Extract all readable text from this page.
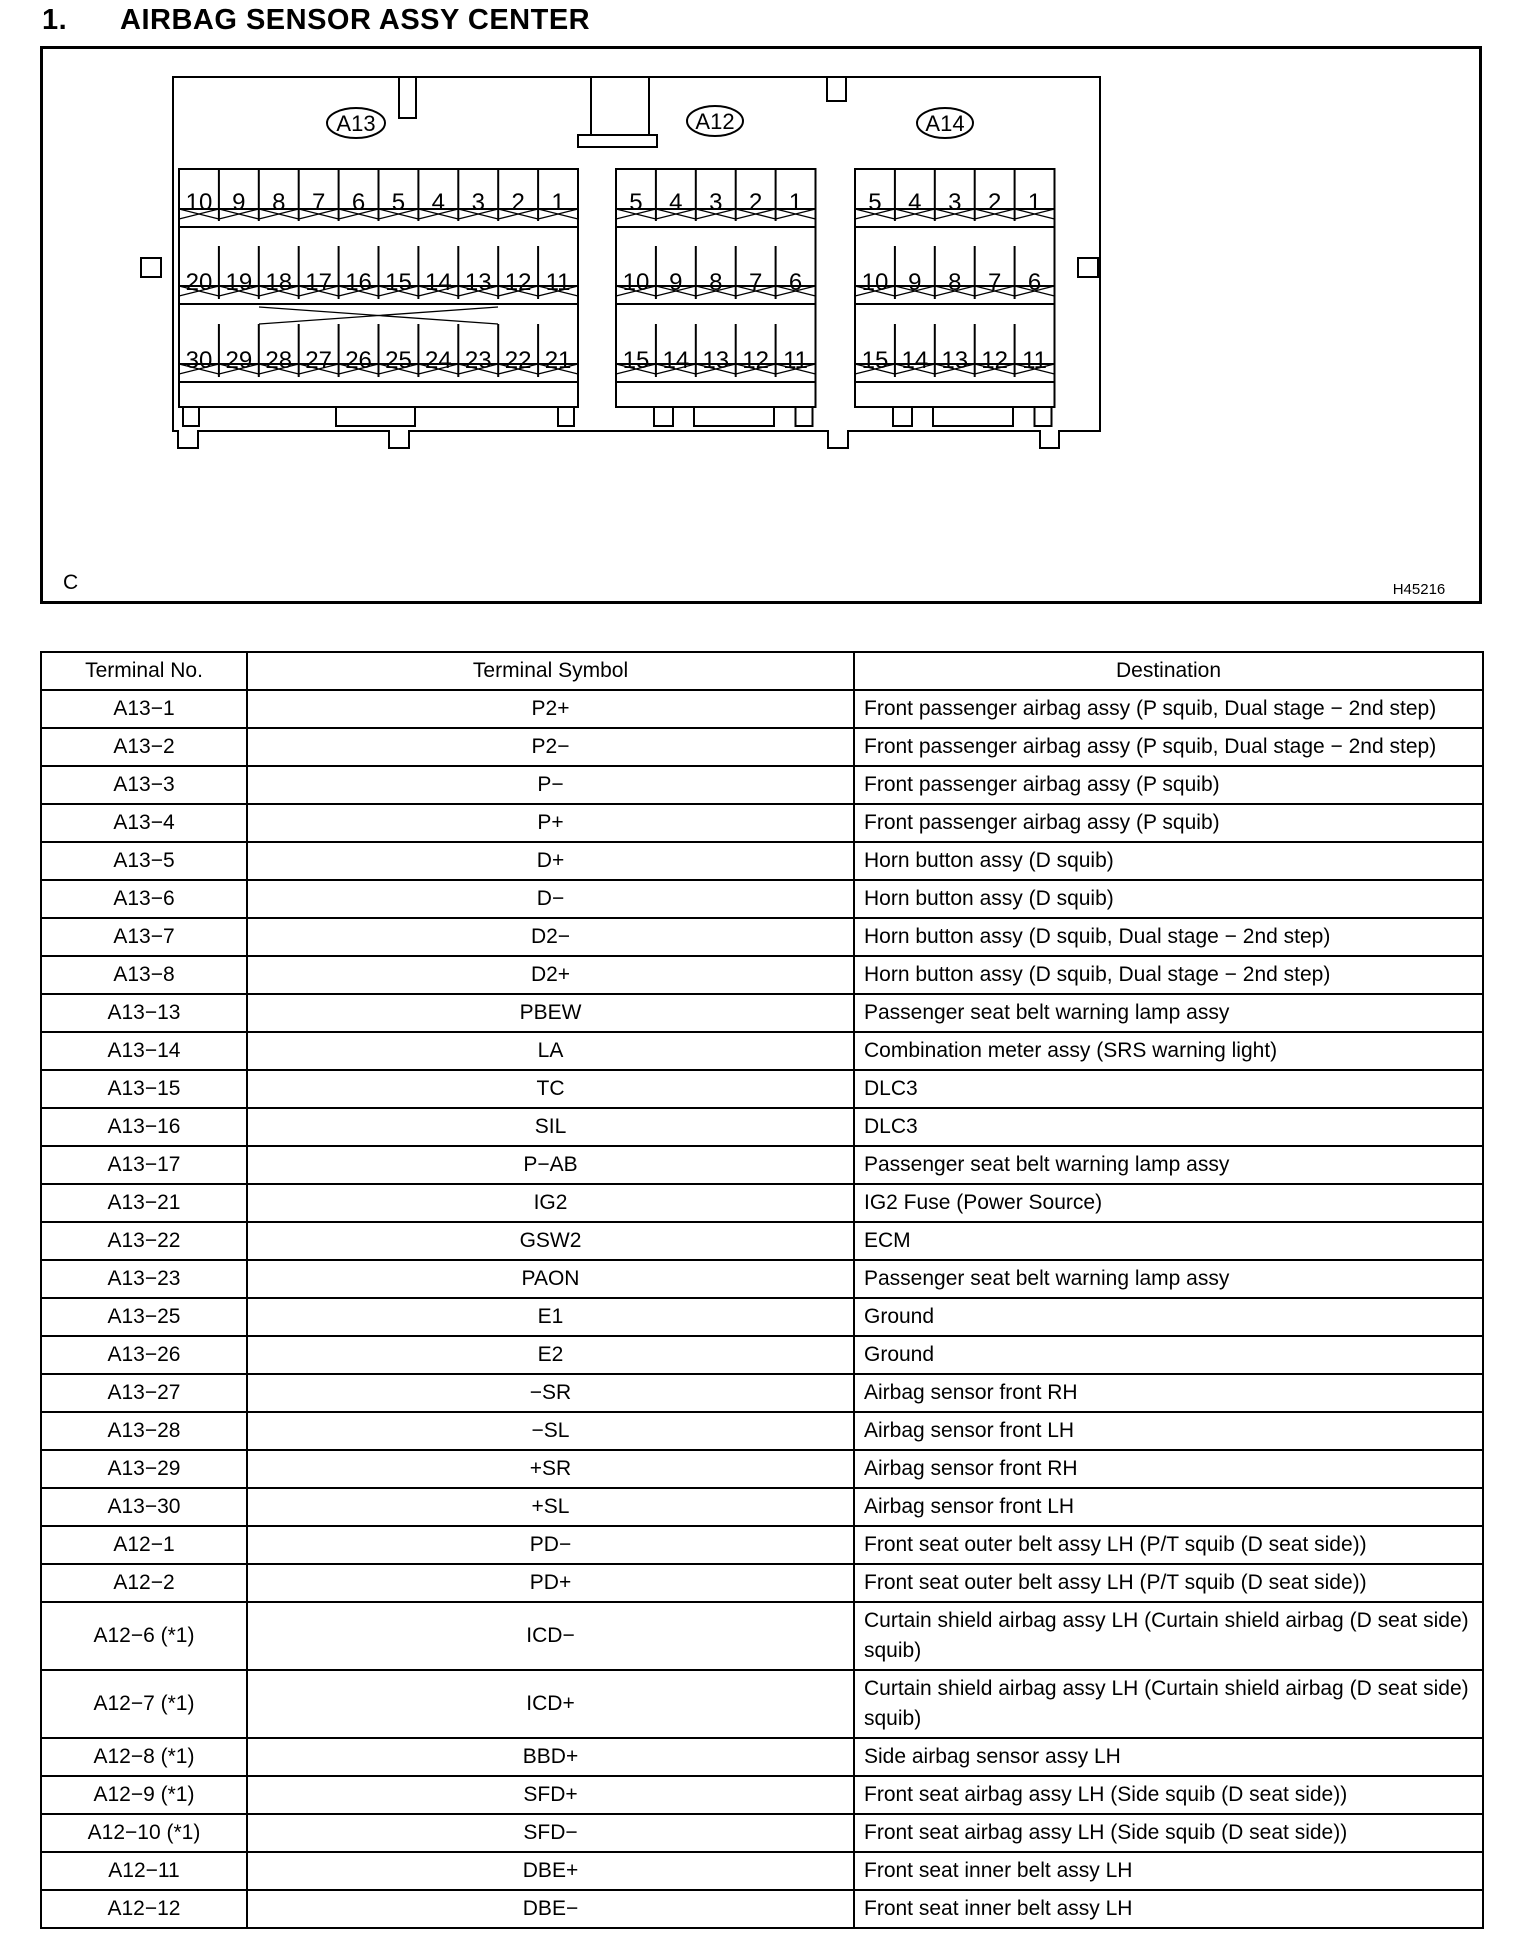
1. AIRBAG SENSOR ASSY CENTER
A13
10 9 8 7 6 5 4 3 2 1
20 19 18 17 16 15 14 13 12 11
30 29 28 27 26 25 24 23 22 21
A12
5 4 3 2 1
10 9 8 7 6
15 14 13 12 11
A14
5 4 3 2 1
10 9 8 7 6
15 14 13 12 11
C	H45216
Terminal No.	Terminal Symbol	Destination
A13−1	P2+	Front passenger airbag assy (P squib, Dual stage − 2nd step)
A13−2	P2−	Front passenger airbag assy (P squib, Dual stage − 2nd step)
A13−3	P−	Front passenger airbag assy (P squib)
A13−4	P+	Front passenger airbag assy (P squib)
A13−5	D+	Horn button assy (D squib)
A13−6	D−	Horn button assy (D squib)
A13−7	D2−	Horn button assy (D squib, Dual stage − 2nd step)
A13−8	D2+	Horn button assy (D squib, Dual stage − 2nd step)
A13−13	PBEW	Passenger seat belt warning lamp assy
A13−14	LA	Combination meter assy (SRS warning light)
A13−15	TC	DLC3
A13−16	SIL	DLC3
A13−17	P−AB	Passenger seat belt warning lamp assy
A13−21	IG2	IG2 Fuse (Power Source)
A13−22	GSW2	ECM
A13−23	PAON	Passenger seat belt warning lamp assy
A13−25	E1	Ground
A13−26	E2	Ground
A13−27	−SR	Airbag sensor front RH
A13−28	−SL	Airbag sensor front LH
A13−29	+SR	Airbag sensor front RH
A13−30	+SL	Airbag sensor front LH
A12−1	PD−	Front seat outer belt assy LH (P/T squib (D seat side))
A12−2	PD+	Front seat outer belt assy LH (P/T squib (D seat side))
A12−6 (*1)	ICD−	Curtain shield airbag assy LH (Curtain shield airbag (D seat side) squib)
A12−7 (*1)	ICD+	Curtain shield airbag assy LH (Curtain shield airbag (D seat side) squib)
A12−8 (*1)	BBD+	Side airbag sensor assy LH
A12−9 (*1)	SFD+	Front seat airbag assy LH (Side squib (D seat side))
A12−10 (*1)	SFD−	Front seat airbag assy LH (Side squib (D seat side))
A12−11	DBE+	Front seat inner belt assy LH
A12−12	DBE−	Front seat inner belt assy LH
